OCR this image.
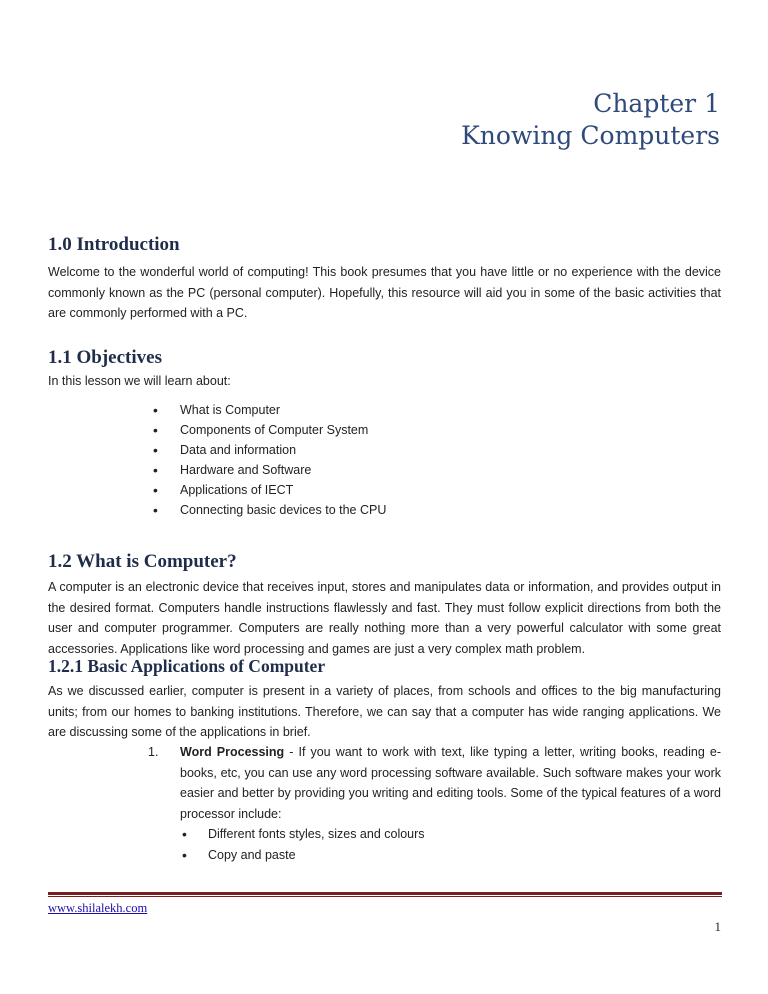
Chapter 1
Knowing Computers
1.0 Introduction

Welcome to the wonderful world of computing! This book presumes that you have little or no experience with the device commonly known as the PC (personal computer). Hopefully, this resource will aid you in some of the basic activities that are commonly performed with a PC.

1.1 Objectives

In this lesson we will learn about:

• What is Computer
• Components of Computer System
• Data and information
• Hardware and Software
• Applications of IECT
• Connecting basic devices to the CPU
1.2 What is Computer?

A computer is an electronic device that receives input, stores and manipulates data or information, and provides output in the desired format. Computers handle instructions flawlessly and fast. They must follow explicit directions from both the user and computer programmer. Computers are really nothing more than a very powerful calculator with some great accessories. Applications like word processing and games are just a very complex math problem.

1.2.1 Basic Applications of Computer

As we discussed earlier, computer is present in a variety of places, from schools and offices to the big manufacturing units; from our homes to banking institutions. Therefore, we can say that a computer has wide ranging applications. We are discussing some of the applications in brief.

1. Word Processing - If you want to work with text, like typing a letter, writing books, reading e-books, etc, you can use any word processing software available. Such software makes your work easier and better by providing you writing and editing tools. Some of the typical features of a word processor include:
• Different fonts styles, sizes and colours
• Copy and paste
www.shilalekh.com
1
